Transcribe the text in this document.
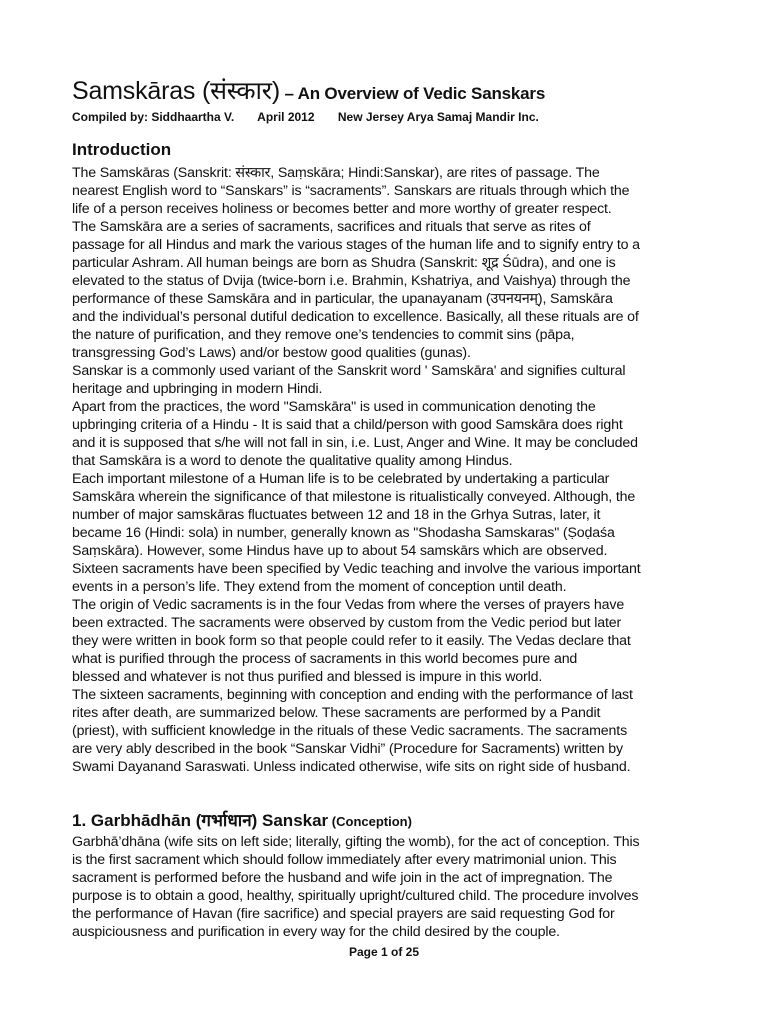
Samskāras (संस्कार) – An Overview of Vedic Sanskars
Compiled by: Siddhaartha V. April 2012 New Jersey Arya Samaj Mandir Inc.
Introduction

The Samskāras (Sanskrit: संस्कार, Saṃskāra; Hindi:Sanskar), are rites of passage. The

nearest English word to “Sanskars” is “sacraments”. Sanskars are rituals through which the

life of a person receives holiness or becomes better and more worthy of greater respect.

The Samskāra are a series of sacraments, sacrifices and rituals that serve as rites of

passage for all Hindus and mark the various stages of the human life and to signify entry to a

particular Ashram. All human beings are born as Shudra (Sanskrit: शूद्र Śūdra), and one is

elevated to the status of Dvija (twice-born i.e. Brahmin, Kshatriya, and Vaishya) through the

performance of these Samskāra and in particular, the upanayanam (उपनयनम्), Samskāra

and the individual’s personal dutiful dedication to excellence. Basically, all these rituals are of

the nature of purification, and they remove one’s tendencies to commit sins (pāpa,

transgressing God’s Laws) and/or bestow good qualities (gunas).

Sanskar is a commonly used variant of the Sanskrit word ' Samskāra' and signifies cultural

heritage and upbringing in modern Hindi.

Apart from the practices, the word "Samskāra" is used in communication denoting the

upbringing criteria of a Hindu - It is said that a child/person with good Samskāra does right

and it is supposed that s/he will not fall in sin, i.e. Lust, Anger and Wine. It may be concluded

that Samskāra is a word to denote the qualitative quality among Hindus.

Each important milestone of a Human life is to be celebrated by undertaking a particular

Samskāra wherein the significance of that milestone is ritualistically conveyed. Although, the

number of major samskāras fluctuates between 12 and 18 in the Grhya Sutras, later, it

became 16 (Hindi: sola) in number, generally known as "Shodasha Samskaras" (Ṣoḍaśa

Saṃskāra). However, some Hindus have up to about 54 samskārs which are observed.

Sixteen sacraments have been specified by Vedic teaching and involve the various important

events in a person’s life. They extend from the moment of conception until death.

The origin of Vedic sacraments is in the four Vedas from where the verses of prayers have

been extracted. The sacraments were observed by custom from the Vedic period but later

they were written in book form so that people could refer to it easily. The Vedas declare that

what is purified through the process of sacraments in this world becomes pure and

blessed and whatever is not thus purified and blessed is impure in this world.

The sixteen sacraments, beginning with conception and ending with the performance of last

rites after death, are summarized below. These sacraments are performed by a Pandit

(priest), with sufficient knowledge in the rituals of these Vedic sacraments. The sacraments

are very ably described in the book “Sanskar Vidhi” (Procedure for Sacraments) written by

Swami Dayanand Saraswati. Unless indicated otherwise, wife sits on right side of husband.

1. Garbhādhān (गर्भाधान) Sanskar (Conception)

Garbhā’dhāna (wife sits on left side; literally, gifting the womb), for the act of conception. This

is the first sacrament which should follow immediately after every matrimonial union. This

sacrament is performed before the husband and wife join in the act of impregnation. The

purpose is to obtain a good, healthy, spiritually upright/cultured child. The procedure involves

the performance of Havan (fire sacrifice) and special prayers are said requesting God for

auspiciousness and purification in every way for the child desired by the couple.

Page 1 of 25
